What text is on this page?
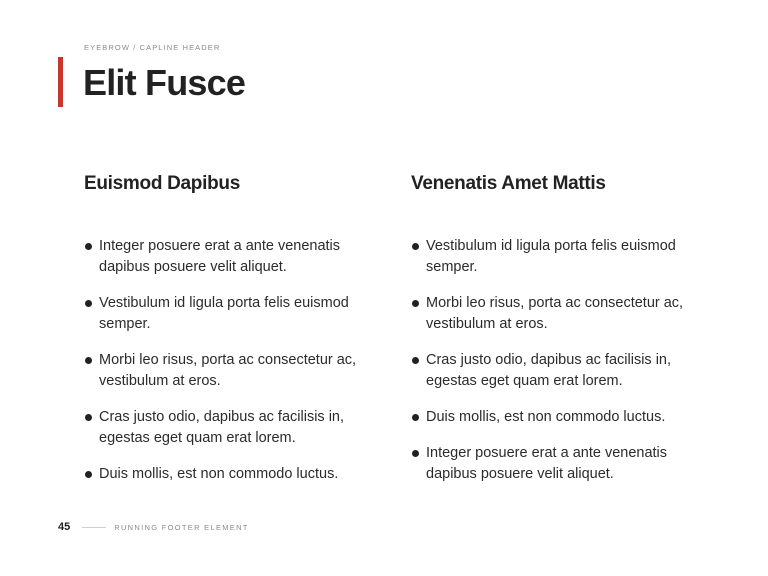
EYEBROW / CAPLINE HEADER
Elit Fusce
Euismod Dapibus
Integer posuere erat a ante venenatis dapibus posuere velit aliquet.
Vestibulum id ligula porta felis euismod semper.
Morbi leo risus, porta ac consectetur ac, vestibulum at eros.
Cras justo odio, dapibus ac facilisis in, egestas eget quam erat lorem.
Duis mollis, est non commodo luctus.
Venenatis Amet Mattis
Vestibulum id ligula porta felis euismod semper.
Morbi leo risus, porta ac consectetur ac, vestibulum at eros.
Cras justo odio, dapibus ac facilisis in, egestas eget quam erat lorem.
Duis mollis, est non commodo luctus.
Integer posuere erat a ante venenatis dapibus posuere velit aliquet.
45	RUNNING FOOTER ELEMENT
